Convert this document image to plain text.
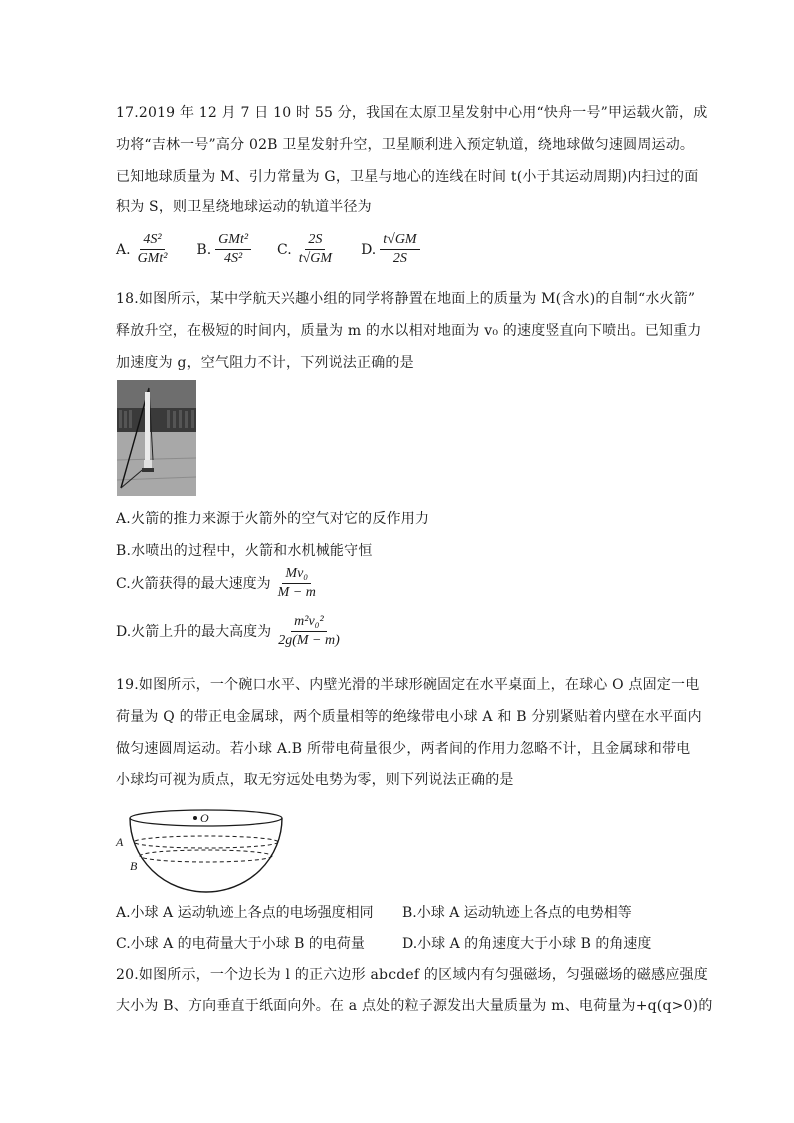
17.2019 年 12 月 7 日 10 时 55 分，我国在太原卫星发射中心用“快舟一号”甲运载火箭，成
功将“吉林一号”高分 02B 卫星发射升空，卫星顺利进入预定轨道，绕地球做匀速圆周运动。
已知地球质量为 M、引力常量为 G，卫星与地心的连线在时间 t(小于其运动周期)内扫过的面
积为 S，则卫星绕地球运动的轨道半径为
A. $\frac{\text{4S²}}{\text{GMt²}} B$. $\frac{\text{GMt²}}{\text{4S²}} C$. $\frac{2S}{t√GM} D$. $\frac{t√GM}{2S}$
18.如图所示，某中学航天兴趣小组的同学将静置在地面上的质量为 M(含水)的自制“水火箭”
释放升空，在极短的时间内，质量为 m 的水以相对地面为 v₀ 的速度竖直向下喷出。已知重力
加速度为 g，空气阻力不计，下列说法正确的是
A.火箭的推力来源于火箭外的空气对它的反作用力
B.水喷出的过程中，火箭和水机械能守恒
C.火箭获得的最大速度为 $\frac{\text{Mv₀}}{M - m}$
D.火箭上升的最大高度为 $\frac{\text{m²v₀²}}{2g(M - m)}$
19.如图所示，一个碗口水平、内壁光滑的半球形碗固定在水平桌面上，在球心 O 点固定一电
荷量为 Q 的带正电金属球，两个质量相等的绝缘带电小球 A 和 B 分别紧贴着内壁在水平面内
做匀速圆周运动。若小球 A.B 所带电荷量很少，两者间的作用力忽略不计，且金属球和带电
小球均可视为质点，取无穷远处电势为零，则下列说法正确的是
O
A
B
A.小球 A 运动轨迹上各点的电场强度相同 B.小球 A 运动轨迹上各点的电势相等
C.小球 A 的电荷量大于小球 B 的电荷量	D.小球 A 的角速度大于小球 B 的角速度
20.如图所示，一个边长为 l 的正六边形 abcdef 的区域内有匀强磁场，匀强磁场的磁感应强度
大小为 B、方向垂直于纸面向外。在 a 点处的粒子源发出大量质量为 m、电荷量为+q(q>0)的
